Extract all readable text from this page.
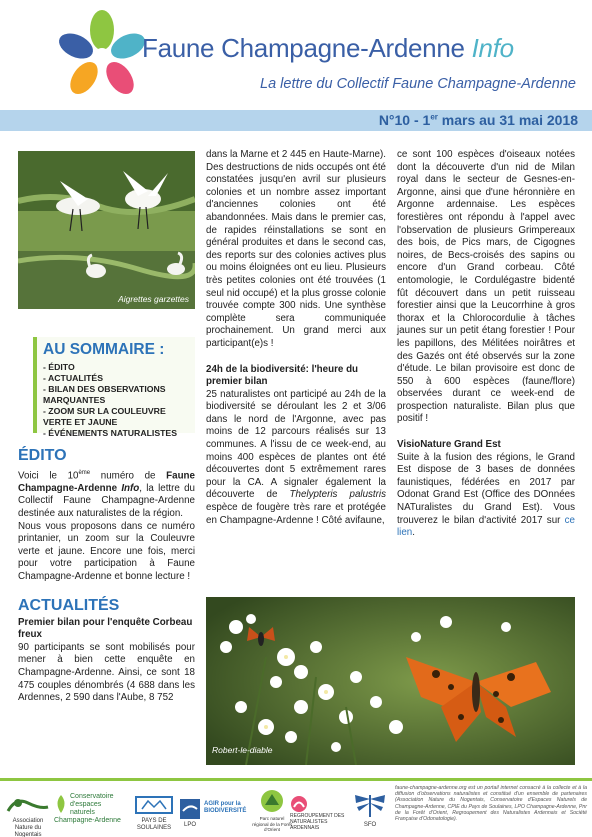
Faune Champagne-Ardenne Info
La lettre du Collectif Faune Champagne-Ardenne
N°10 - 1er mars au 31 mai 2018
Aigrettes garzettes
AU SOMMAIRE :
- ÉDITO
- ACTUALITÉS
- BILAN DES OBSERVATIONS MARQUANTES
- ZOOM SUR LA COULEUVRE VERTE ET JAUNE
- ÉVÉNEMENTS NATURALISTES
ÉDITO

Voici le 10ème numéro de Faune Champagne-Ardenne Info, la lettre du Collectif Faune Champagne-Ardenne destinée aux naturalistes de la région.

Nous vous proposons dans ce numéro printanier, un zoom sur la Couleuvre verte et jaune. Encore une fois, merci pour votre participation à Faune Champagne-Ardenne et bonne lecture !

ACTUALITÉS
Premier bilan pour l'enquête Corbeau freux

90 participants se sont mobilisés pour mener à bien cette enquête en Champagne-Ardenne. Ainsi, ce sont 18 475 couples dénombrés (4 688 dans les Ardennes, 2 590 dans l'Aube, 8 752

dans la Marne et 2 445 en Haute-Marne). Des destructions de nids occupés ont été constatées jusqu'en avril sur plusieurs colonies et un nombre assez important d'anciennes colonies ont été abandonnées. Mais dans le premier cas, de rapides réinstallations se sont en général produites et dans le second cas, des reports sur des colonies actives plus ou moins éloignées ont eu lieu. Plusieurs très petites colonies ont été trouvées (1 seul nid occupé) et la plus grosse colonie trouvée compte 300 nids. Une synthèse complète sera communiquée prochainement. Un grand merci aux participant(e)s !

24h de la biodiversité: l'heure du premier bilan

25 naturalistes ont participé au 24h de la biodiversité se déroulant les 2 et 3/06 dans le nord de l'Argonne, avec pas moins de 12 parcours réalisés sur 13 communes. A l'issu de ce week-end, au moins 400 espèces de plantes ont été découvertes dont 5 extrêmement rares pour la CA. A signaler également la découverte de Thelypteris palustris espèce de fougère très rare et protégée en Champagne-Ardenne ! Côté avifaune,

ce sont 100 espèces d'oiseaux notées dont la découverte d'un nid de Milan royal dans le secteur de Gesnes-en-Argonne, ainsi que d'une héronnière en Argonne ardennaise. Les espèces forestières ont répondu à l'appel avec l'observation de plusieurs Grimpereaux des bois, de Pics mars, de Cigognes noires, de Becs-croisés des sapins ou encore d'un Grand corbeau. Côté entomologie, le Cordulégastre bidenté fût découvert dans un petit ruisseau forestier ainsi que la Leucorrhine à gros thorax et la Chlorocordulie à tâches jaunes sur un petit étang forestier ! Pour les papillons, des Mélitées noirâtres et des Gazés ont été observés sur la zone d'étude. Le bilan provisoire est donc de 550 à 600 espèces (faune/flore) observées durant ce week-end de prospection naturaliste. Bilan plus que positif !

VisioNature Grand Est

Suite à la fusion des régions, le Grand Est dispose de 3 bases de données faunistiques, fédérées en 2017 par Odonat Grand Est (Office des DOnnées NATuralistes du Grand Est). Vous trouverez le bilan d'activité 2017 sur ce lien.

Robert-le-diable
Association Nature du Nogentais
Conservatoire d'espaces naturels Champagne-Ardenne	PAYS DE SOULAINES	LPO
AGIR pour la BIODIVERSITÉ
Parc naturel régional de la Forêt d'Orient
REGROUPEMENT DES NATURALISTES ARDENNAIS	SFO
faune-champagne-ardenne.org est un portail internet consacré à la collecte et à la diffusion d'observations naturalistes et constitué d'un ensemble de partenaires (Association Nature du Nogentais, Conservatoire d'Espaces Naturels de Champagne-Ardenne, CPIE du Pays de Soulaines, LPO Champagne-Ardenne, Pnr de la Forêt d'Orient, Regroupement des Naturalistes Ardennais et Société Française d'Odonatologie).
